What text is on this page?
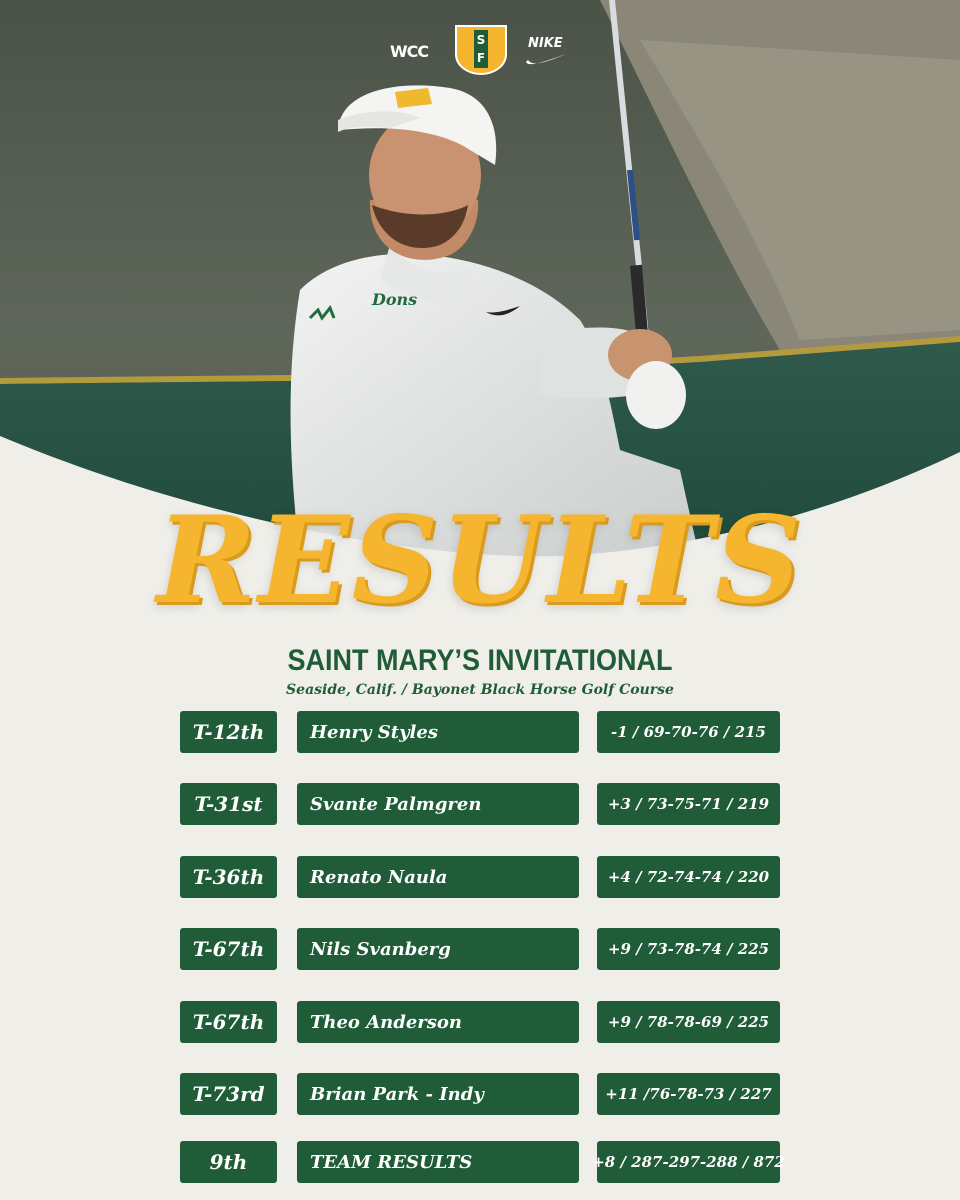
Dons
WCC
S
F
NIKE
RESULTS
SAINT MARY’S INVITATIONAL
Seaside, Calif. / Bayonet Black Horse Golf Course
T-12th	Henry Styles	-1 / 69-70-76 / 215
T-31st	Svante Palmgren	+3 / 73-75-71 / 219
T-36th	Renato Naula	+4 / 72-74-74 / 220
T-67th	Nils Svanberg	+9 / 73-78-74 / 225
T-67th	Theo Anderson	+9 / 78-78-69 / 225
T-73rd	Brian Park - Indy	+11 /76-78-73 / 227
9th	TEAM RESULTS	+8 / 287-297-288 / 872
